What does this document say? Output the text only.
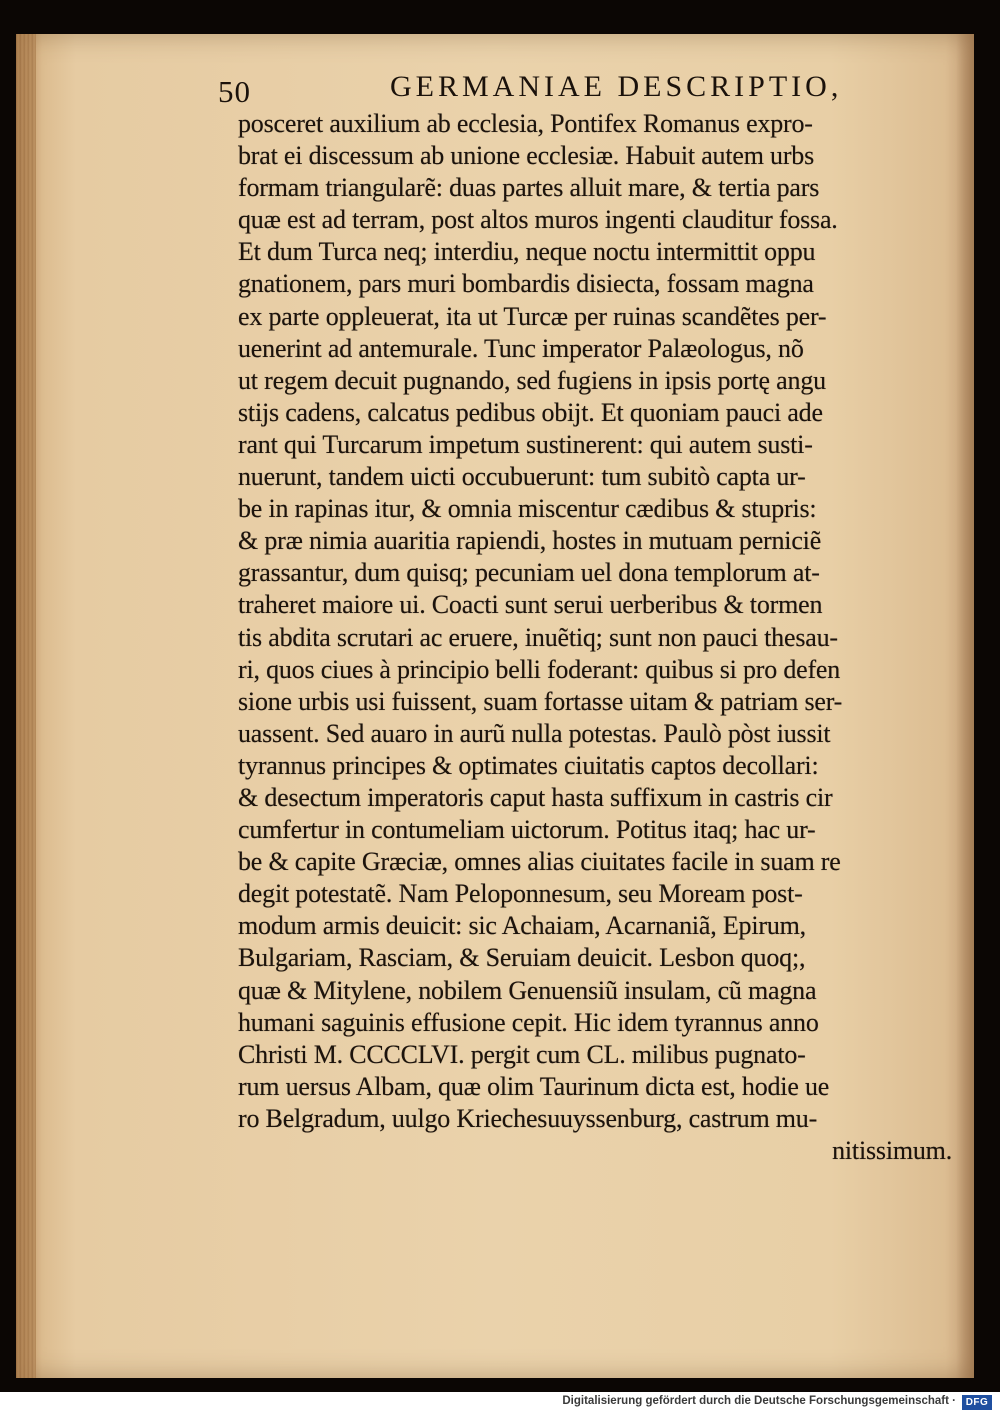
50	GERMANIAE DESCRIPTIO,
posceret auxilium ab ecclesia, Pontifex Romanus expro-
brat ei discessum ab unione ecclesiæ. Habuit autem urbs
formam triangularẽ: duas partes alluit mare, & tertia pars
quæ est ad terram, post altos muros ingenti clauditur fossa.
Et dum Turca neq; interdiu, neque noctu intermittit oppu
gnationem, pars muri bombardis disiecta, fossam magna
ex parte oppleuerat, ita ut Turcæ per ruinas scandẽtes per-
uenerint ad antemurale. Tunc imperator Palæologus, nõ
ut regem decuit pugnando, sed fugiens in ipsis portę angu
stijs cadens, calcatus pedibus obijt. Et quoniam pauci ade
rant qui Turcarum impetum sustinerent: qui autem susti-
nuerunt, tandem uicti occubuerunt: tum subitò capta ur-
be in rapinas itur, & omnia miscentur cædibus & stupris:
& præ nimia auaritia rapiendi, hostes in mutuam perniciẽ
grassantur, dum quisq; pecuniam uel dona templorum at-
traheret maiore ui. Coacti sunt serui uerberibus & tormen
tis abdita scrutari ac eruere, inuẽtiq; sunt non pauci thesau-
ri, quos ciues à principio belli foderant: quibus si pro defen
sione urbis usi fuissent, suam fortasse uitam & patriam ser-
uassent. Sed auaro in aurũ nulla potestas. Paulò pòst iussit
tyrannus principes & optimates ciuitatis captos decollari:
& desectum imperatoris caput hasta suffixum in castris cir
cumfertur in contumeliam uictorum. Potitus itaq; hac ur-
be & capite Græciæ, omnes alias ciuitates facile in suam re
degit potestatẽ. Nam Peloponnesum, seu Moream post-
modum armis deuicit: sic Achaiam, Acarnaniã, Epirum,
Bulgariam, Rasciam, & Seruiam deuicit. Lesbon quoq;,
quæ & Mitylene, nobilem Genuensiũ insulam, cũ magna
humani saguinis effusione cepit. Hic idem tyrannus anno
Christi M. CCCCLVI. pergit cum CL. milibus pugnato-
rum uersus Albam, quæ olim Taurinum dicta est, hodie ue
ro Belgradum, uulgo Kriechesuuyssenburg, castrum mu-
nitissimum.
Digitalisierung gefördert durch die Deutsche Forschungsgemeinschaft · DFG
